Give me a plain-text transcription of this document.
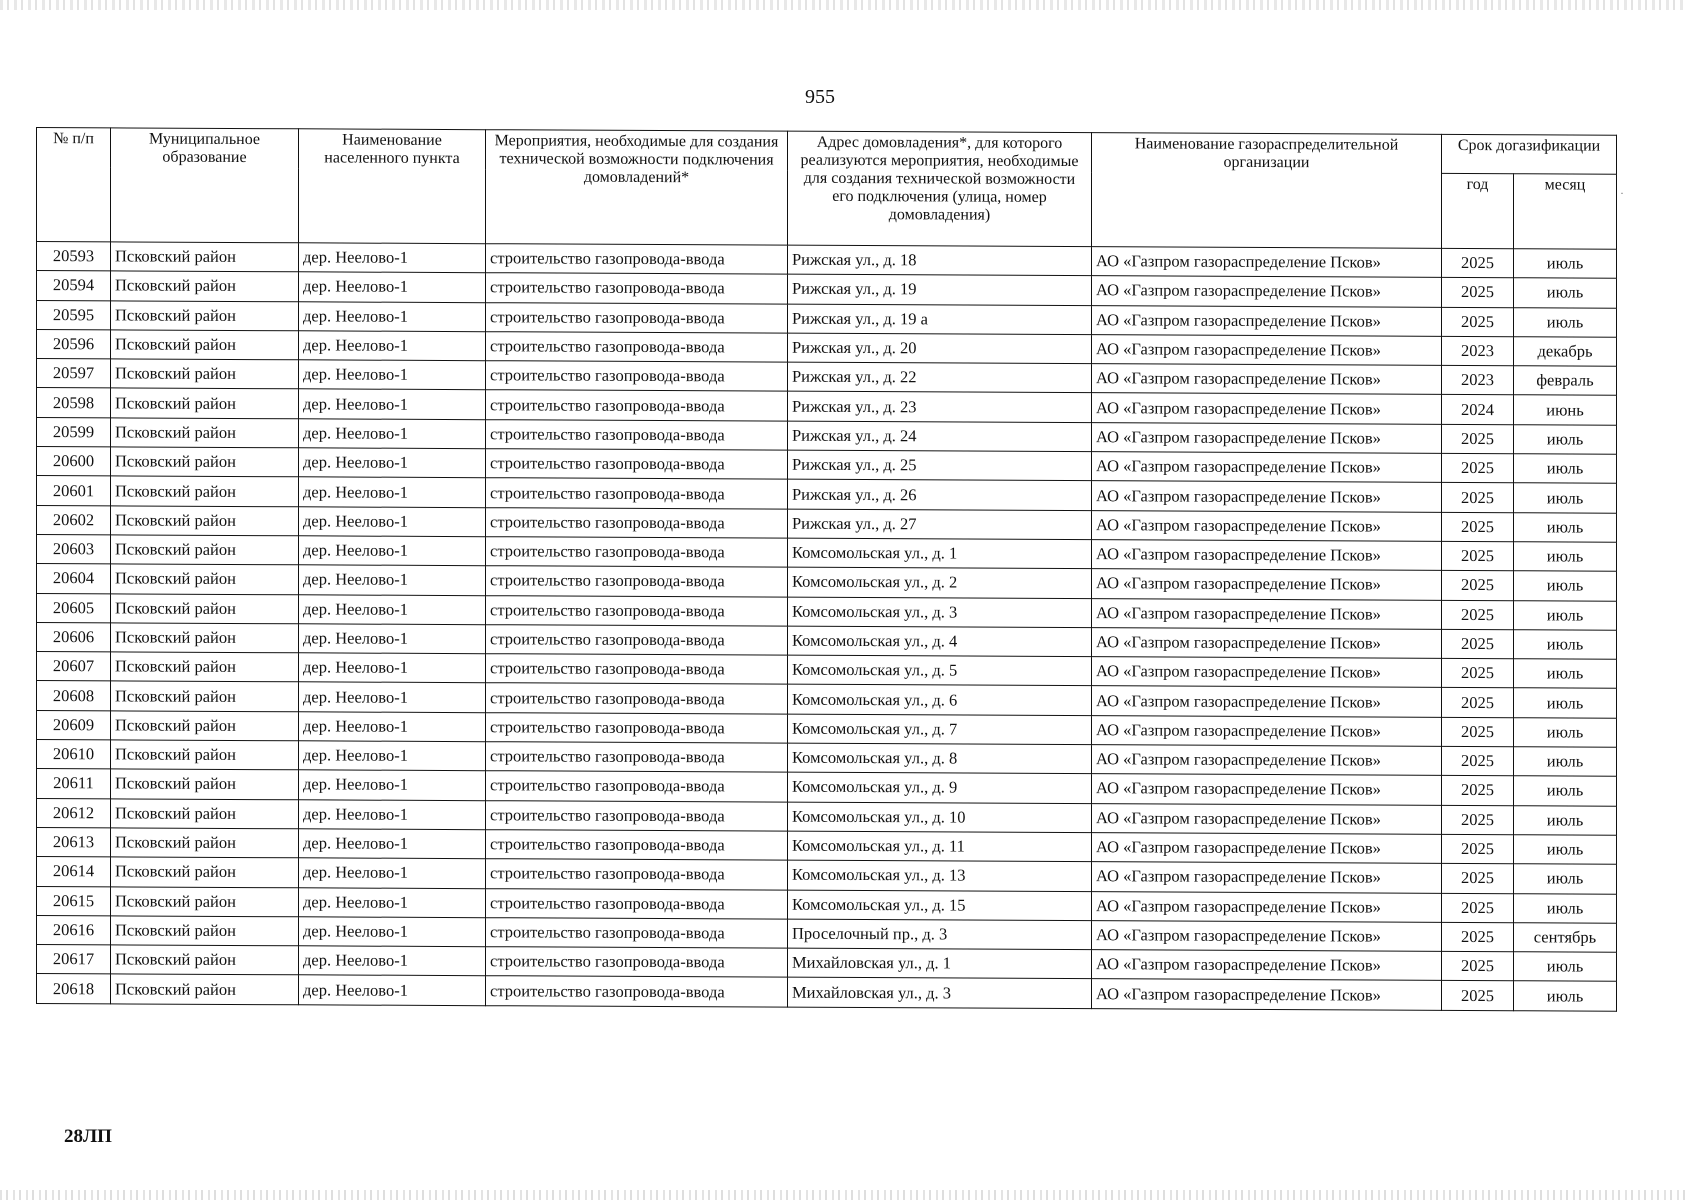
955
№ п/п	Муниципальное образование	Наименование населенного пункта	Мероприятия, необходимые для создания технической возможности подключения домовладений*	Адрес домовладения*, для которого реализуются мероприятия, необходимые для создания технической возможности его подключения (улица, номер домовладения)	Наименование газораспределительной организации	Срок догазификации	
						год	месяц
20593	Псковский район	дер. Неелово-1	строительство газопровода-ввода	Рижская ул., д. 18	АО «Газпром газораспределение Псков»	2025	июль
20594	Псковский район	дер. Неелово-1	строительство газопровода-ввода	Рижская ул., д. 19	АО «Газпром газораспределение Псков»	2025	июль
20595	Псковский район	дер. Неелово-1	строительство газопровода-ввода	Рижская ул., д. 19 а	АО «Газпром газораспределение Псков»	2025	июль
20596	Псковский район	дер. Неелово-1	строительство газопровода-ввода	Рижская ул., д. 20	АО «Газпром газораспределение Псков»	2023	декабрь
20597	Псковский район	дер. Неелово-1	строительство газопровода-ввода	Рижская ул., д. 22	АО «Газпром газораспределение Псков»	2023	февраль
20598	Псковский район	дер. Неелово-1	строительство газопровода-ввода	Рижская ул., д. 23	АО «Газпром газораспределение Псков»	2024	июнь
20599	Псковский район	дер. Неелово-1	строительство газопровода-ввода	Рижская ул., д. 24	АО «Газпром газораспределение Псков»	2025	июль
20600	Псковский район	дер. Неелово-1	строительство газопровода-ввода	Рижская ул., д. 25	АО «Газпром газораспределение Псков»	2025	июль
20601	Псковский район	дер. Неелово-1	строительство газопровода-ввода	Рижская ул., д. 26	АО «Газпром газораспределение Псков»	2025	июль
20602	Псковский район	дер. Неелово-1	строительство газопровода-ввода	Рижская ул., д. 27	АО «Газпром газораспределение Псков»	2025	июль
20603	Псковский район	дер. Неелово-1	строительство газопровода-ввода	Комсомольская ул., д. 1	АО «Газпром газораспределение Псков»	2025	июль
20604	Псковский район	дер. Неелово-1	строительство газопровода-ввода	Комсомольская ул., д. 2	АО «Газпром газораспределение Псков»	2025	июль
20605	Псковский район	дер. Неелово-1	строительство газопровода-ввода	Комсомольская ул., д. 3	АО «Газпром газораспределение Псков»	2025	июль
20606	Псковский район	дер. Неелово-1	строительство газопровода-ввода	Комсомольская ул., д. 4	АО «Газпром газораспределение Псков»	2025	июль
20607	Псковский район	дер. Неелово-1	строительство газопровода-ввода	Комсомольская ул., д. 5	АО «Газпром газораспределение Псков»	2025	июль
20608	Псковский район	дер. Неелово-1	строительство газопровода-ввода	Комсомольская ул., д. 6	АО «Газпром газораспределение Псков»	2025	июль
20609	Псковский район	дер. Неелово-1	строительство газопровода-ввода	Комсомольская ул., д. 7	АО «Газпром газораспределение Псков»	2025	июль
20610	Псковский район	дер. Неелово-1	строительство газопровода-ввода	Комсомольская ул., д. 8	АО «Газпром газораспределение Псков»	2025	июль
20611	Псковский район	дер. Неелово-1	строительство газопровода-ввода	Комсомольская ул., д. 9	АО «Газпром газораспределение Псков»	2025	июль
20612	Псковский район	дер. Неелово-1	строительство газопровода-ввода	Комсомольская ул., д. 10	АО «Газпром газораспределение Псков»	2025	июль
20613	Псковский район	дер. Неелово-1	строительство газопровода-ввода	Комсомольская ул., д. 11	АО «Газпром газораспределение Псков»	2025	июль
20614	Псковский район	дер. Неелово-1	строительство газопровода-ввода	Комсомольская ул., д. 13	АО «Газпром газораспределение Псков»	2025	июль
20615	Псковский район	дер. Неелово-1	строительство газопровода-ввода	Комсомольская ул., д. 15	АО «Газпром газораспределение Псков»	2025	июль
20616	Псковский район	дер. Неелово-1	строительство газопровода-ввода	Проселочный пр., д. 3	АО «Газпром газораспределение Псков»	2025	сентябрь
20617	Псковский район	дер. Неелово-1	строительство газопровода-ввода	Михайловская ул., д. 1	АО «Газпром газораспределение Псков»	2025	июль
20618	Псковский район	дер. Неелово-1	строительство газопровода-ввода	Михайловская ул., д. 3	АО «Газпром газораспределение Псков»	2025	июль
·
28ЛП
